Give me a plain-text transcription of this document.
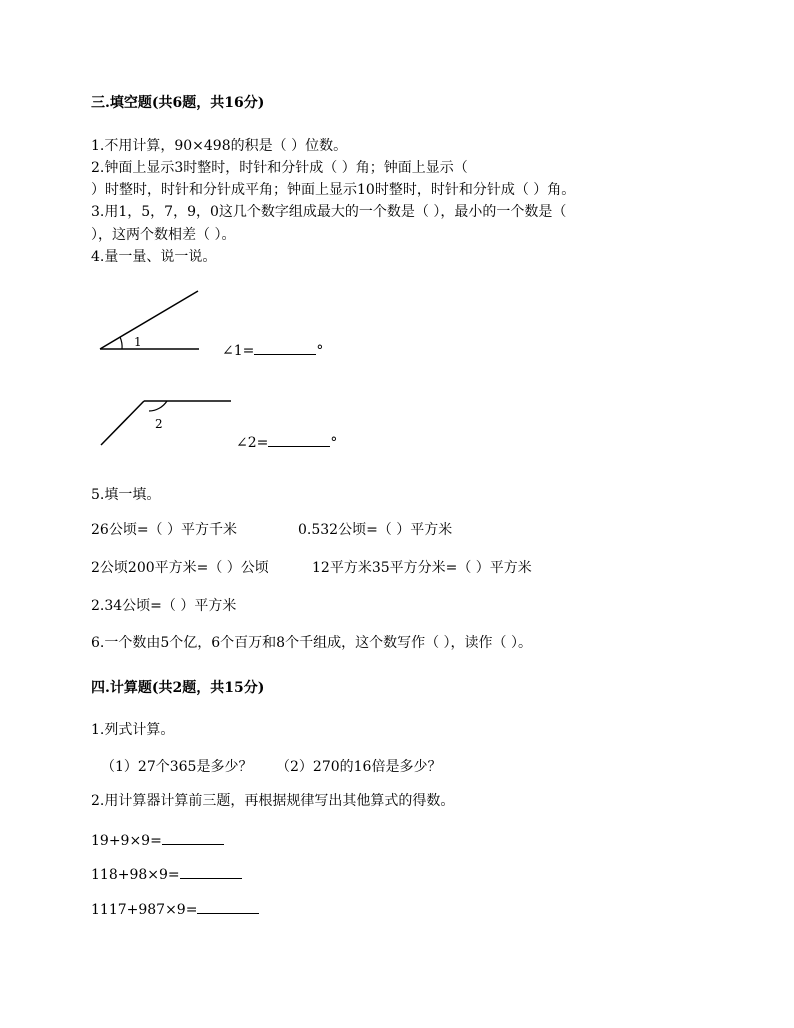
三.填空题(共6题，共16分)
1.不用计算，90×498的积是（ ）位数。
2.钟面上显示3时整时，时针和分针成（ ）角；钟面上显示（
）时整时，时针和分针成平角；钟面上显示10时整时，时针和分针成（ ）角。
3.用1，5，7，9，0这几个数字组成最大的一个数是（ ），最小的一个数是（
），这两个数相差（ ）。
4.量一量、说一说。
1
∠1=	°
2
∠2=	°
5.填一填。
26公顷=（ ）平方千米	0.532公顷=（ ）平方米
2公顷200平方米=（ ）公顷	12平方米35平方分米=（ ）平方米
2.34公顷=（ ）平方米
6.一个数由5个亿，6个百万和8个千组成，这个数写作（ ），读作（ ）。
四.计算题(共2题，共15分)
1.列式计算。
（1）27个365是多少？ （2）270的16倍是多少？
2.用计算器计算前三题，再根据规律写出其他算式的得数。
19+9×9=
118+98×9=
1117+987×9=
